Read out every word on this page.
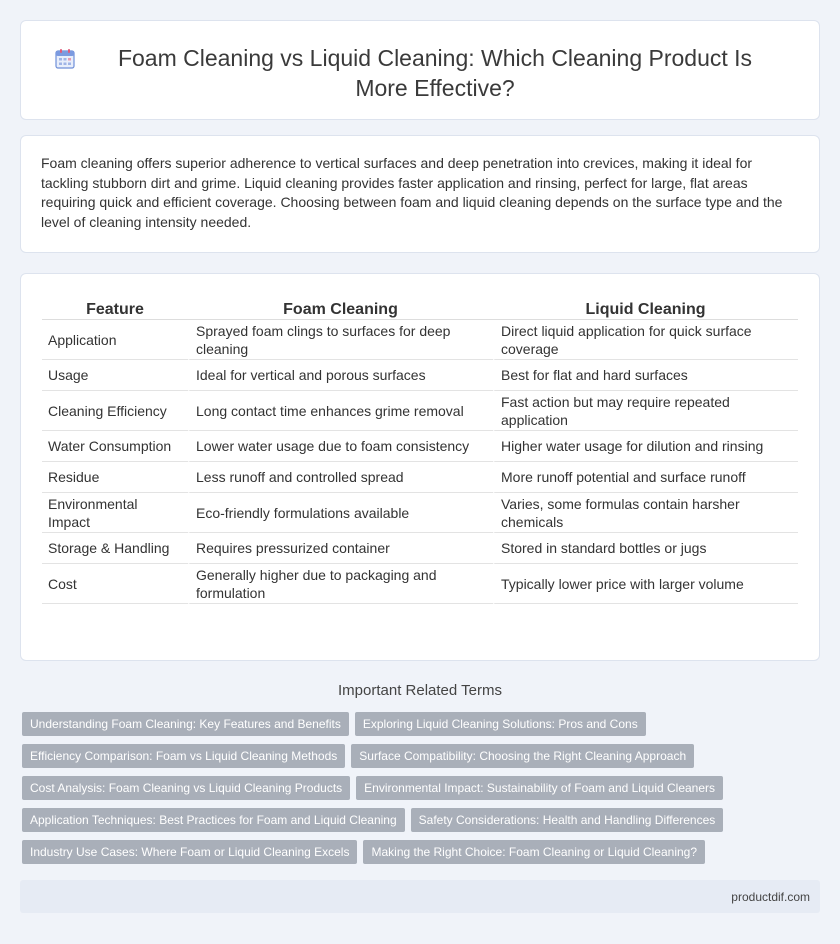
Foam Cleaning vs Liquid Cleaning: Which Cleaning Product Is More Effective?

Foam cleaning offers superior adherence to vertical surfaces and deep penetration into crevices, making it ideal for tackling stubborn dirt and grime. Liquid cleaning provides faster application and rinsing, perfect for large, flat areas requiring quick and efficient coverage. Choosing between foam and liquid cleaning depends on the surface type and the level of cleaning intensity needed.

Feature	Foam Cleaning	Liquid Cleaning
Application	Sprayed foam clings to surfaces for deep cleaning	Direct liquid application for quick surface coverage
Usage	Ideal for vertical and porous surfaces	Best for flat and hard surfaces
Cleaning Efficiency	Long contact time enhances grime removal	Fast action but may require repeated application
Water Consumption	Lower water usage due to foam consistency	Higher water usage for dilution and rinsing
Residue	Less runoff and controlled spread	More runoff potential and surface runoff
Environmental Impact	Eco-friendly formulations available	Varies, some formulas contain harsher chemicals
Storage & Handling	Requires pressurized container	Stored in standard bottles or jugs
Cost	Generally higher due to packaging and formulation	Typically lower price with larger volume
Important Related Terms
Understanding Foam Cleaning: Key Features and Benefits	Exploring Liquid Cleaning Solutions: Pros and Cons
Efficiency Comparison: Foam vs Liquid Cleaning Methods	Surface Compatibility: Choosing the Right Cleaning Approach
Cost Analysis: Foam Cleaning vs Liquid Cleaning Products	Environmental Impact: Sustainability of Foam and Liquid Cleaners
Application Techniques: Best Practices for Foam and Liquid Cleaning	Safety Considerations: Health and Handling Differences
Industry Use Cases: Where Foam or Liquid Cleaning Excels	Making the Right Choice: Foam Cleaning or Liquid Cleaning?
productdif.com
